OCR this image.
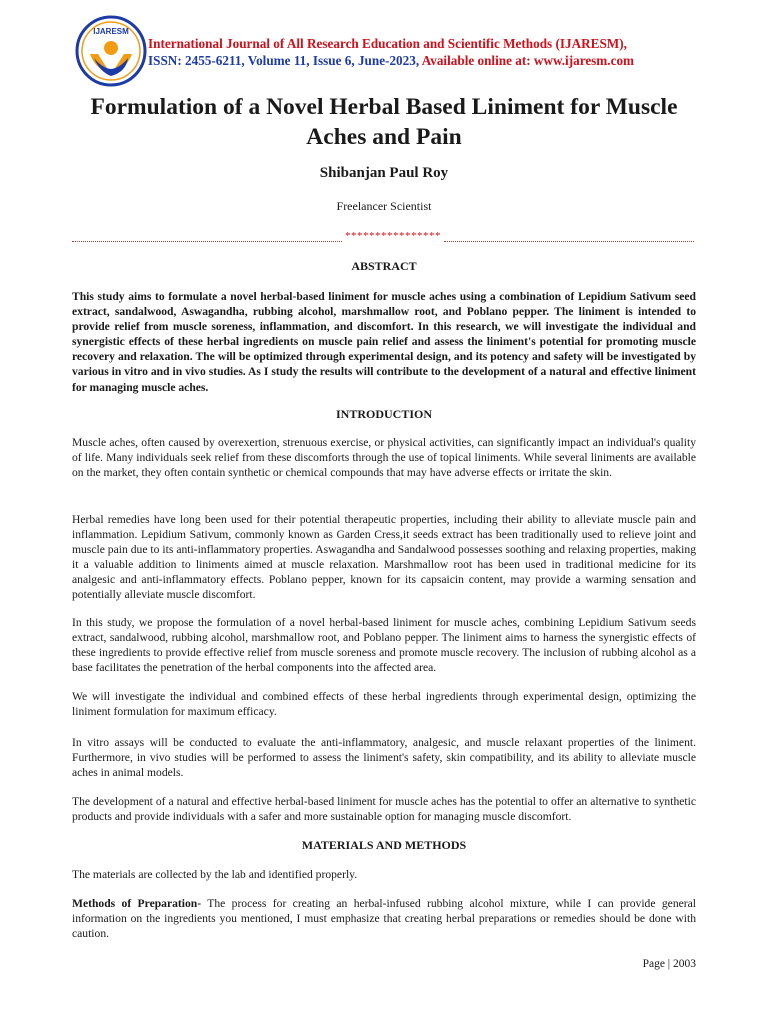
IJARESM
International Journal of All Research Education and Scientific Methods (IJARESM),
ISSN: 2455-6211, Volume 11, Issue 6, June-2023, Available online at: www.ijaresm.com
Formulation of a Novel Herbal Based Liniment for Muscle Aches and Pain
Shibanjan Paul Roy
Freelancer Scientist
****************
ABSTRACT
This study aims to formulate a novel herbal-based liniment for muscle aches using a combination of Lepidium Sativum seed extract, sandalwood, Aswagandha, rubbing alcohol, marshmallow root, and Poblano pepper. The liniment is intended to provide relief from muscle soreness, inflammation, and discomfort. In this research, we will investigate the individual and synergistic effects of these herbal ingredients on muscle pain relief and assess the liniment's potential for promoting muscle recovery and relaxation. The will be optimized through experimental design, and its potency and safety will be investigated by various in vitro and in vivo studies. As I study the results will contribute to the development of a natural and effective liniment for managing muscle aches.
INTRODUCTION
Muscle aches, often caused by overexertion, strenuous exercise, or physical activities, can significantly impact an individual's quality of life. Many individuals seek relief from these discomforts through the use of topical liniments. While several liniments are available on the market, they often contain synthetic or chemical compounds that may have adverse effects or irritate the skin.
Herbal remedies have long been used for their potential therapeutic properties, including their ability to alleviate muscle pain and inflammation. Lepidium Sativum, commonly known as Garden Cress,it seeds extract has been traditionally used to relieve joint and muscle pain due to its anti-inflammatory properties. Aswagandha and Sandalwood possesses soothing and relaxing properties, making it a valuable addition to liniments aimed at muscle relaxation. Marshmallow root has been used in traditional medicine for its analgesic and anti-inflammatory effects. Poblano pepper, known for its capsaicin content, may provide a warming sensation and potentially alleviate muscle discomfort.
In this study, we propose the formulation of a novel herbal-based liniment for muscle aches, combining Lepidium Sativum seeds extract, sandalwood, rubbing alcohol, marshmallow root, and Poblano pepper. The liniment aims to harness the synergistic effects of these ingredients to provide effective relief from muscle soreness and promote muscle recovery. The inclusion of rubbing alcohol as a base facilitates the penetration of the herbal components into the affected area.
We will investigate the individual and combined effects of these herbal ingredients through experimental design, optimizing the liniment formulation for maximum efficacy.
In vitro assays will be conducted to evaluate the anti-inflammatory, analgesic, and muscle relaxant properties of the liniment. Furthermore, in vivo studies will be performed to assess the liniment's safety, skin compatibility, and its ability to alleviate muscle aches in animal models.
The development of a natural and effective herbal-based liniment for muscle aches has the potential to offer an alternative to synthetic products and provide individuals with a safer and more sustainable option for managing muscle discomfort.
MATERIALS AND METHODS
The materials are collected by the lab and identified properly.
Methods of Preparation- The process for creating an herbal-infused rubbing alcohol mixture, while I can provide general information on the ingredients you mentioned, I must emphasize that creating herbal preparations or remedies should be done with caution.
Page | 2003
